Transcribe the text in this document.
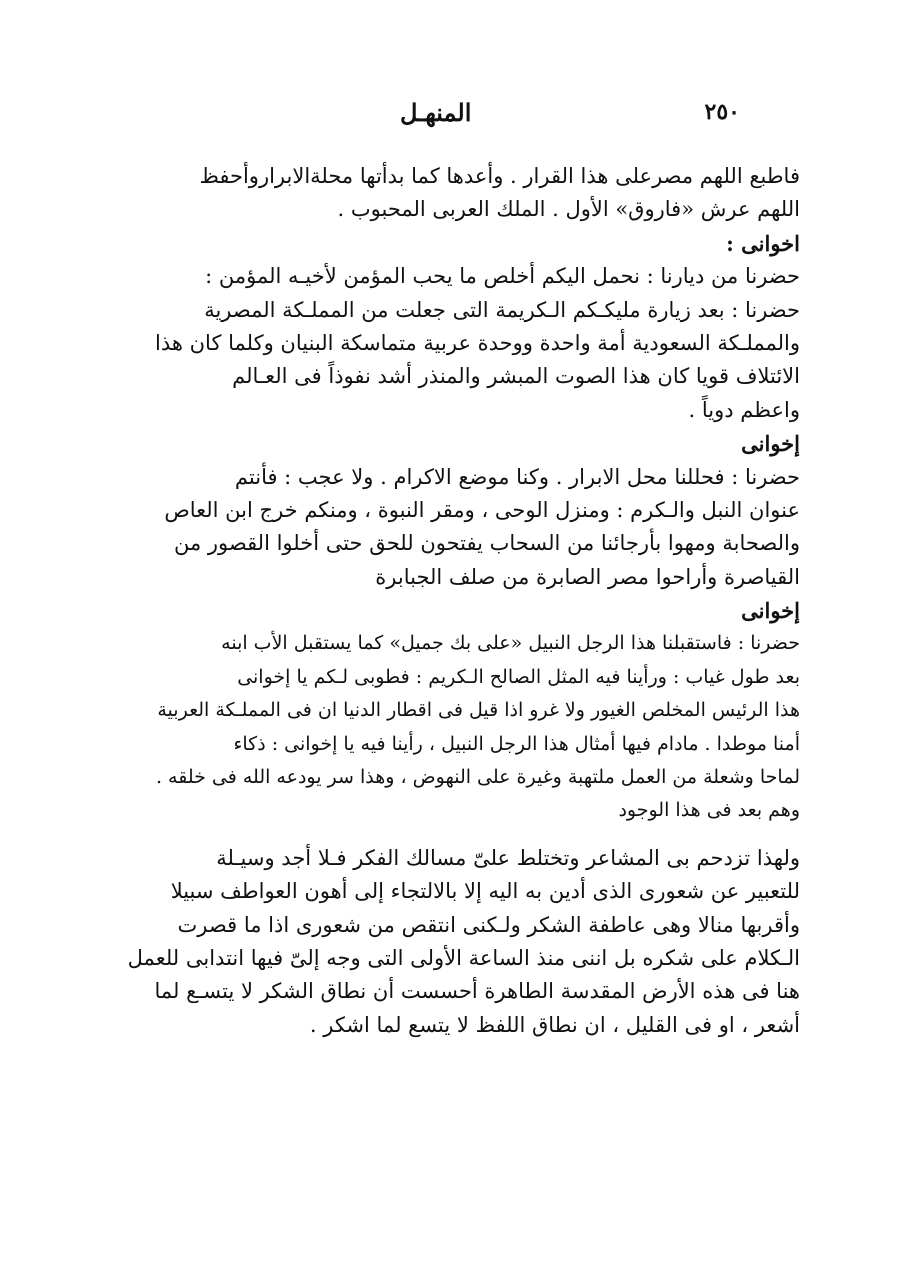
٢٥٠
المنهـل
فاطبع اللهم مصرعلى هذا القرار . وأعدها كما بدأتها محلةالابراروأحفظ
اللهم عرش «فاروق» الأول . الملك العربى المحبوب .
اخوانى :
حضرنا من ديارنا : نحمل اليكم أخلص ما يحب المؤمن لأخيـه المؤمن :
حضرنا : بعد زيارة مليكـكم الـكريمة التى جعلت من المملـكة المصرية
والمملـكة السعودية أمة واحدة ووحدة عربية متماسكة البنيان وكلما كان هذا
الائتلاف قويا كان هذا الصوت المبشر والمنذر أشد نفوذاً فى العـالم
واعظم دوياً .
إخوانى
حضرنا : فحللنا محل الابرار . وكنا موضع الاكرام . ولا عجب : فأنتم
عنوان النبل والـكرم : ومنزل الوحى ، ومقر النبوة ، ومنكم خرج ابن العاص
والصحابة ومهوا بأرجائنا من السحاب يفتحون للحق حتى أخلوا القصور من
القياصرة وأراحوا مصر الصابرة من صلف الجبابرة
إخوانى
حضرنا : فاستقبلنا هذا الرجل النبيل «على بك جميل» كما يستقبل الأب ابنه
بعد طول غياب : ورأينا فيه المثل الصالح الـكريم : فطوبى لـكم يا إخوانى
هذا الرئيس المخلص الغيور ولا غرو اذا قيل فى اقطار الدنيا ان فى المملـكة العربية
أمنا موطدا . مادام فيها أمثال هذا الرجل النبيل ، رأينا فيه يا إخوانى : ذكاء
لماحا وشعلة من العمل ملتهبة وغيرة على النهوض ، وهذا سر يودعه الله فى خلقه .
وهم بعد فى هذا الوجود
ولهذا تزدحم بى المشاعر وتختلط علىّ مسالك الفكر فـلا أجد وسيـلة
للتعبير عن شعورى الذى أدين به اليه إلا بالالتجاء إلى أهون العواطف سبيلا
وأقربها منالا وهى عاطفة الشكر ولـكنى انتقص من شعورى اذا ما قصرت
الـكلام على شكره بل اننى منذ الساعة الأولى التى وجه إلىّ فيها انتدابى للعمل
هنا فى هذه الأرض المقدسة الطاهرة أحسست أن نطاق الشكر لا يتسـع لما
أشعر ، او فى القليل ، ان نطاق اللفظ لا يتسع لما اشكر .
